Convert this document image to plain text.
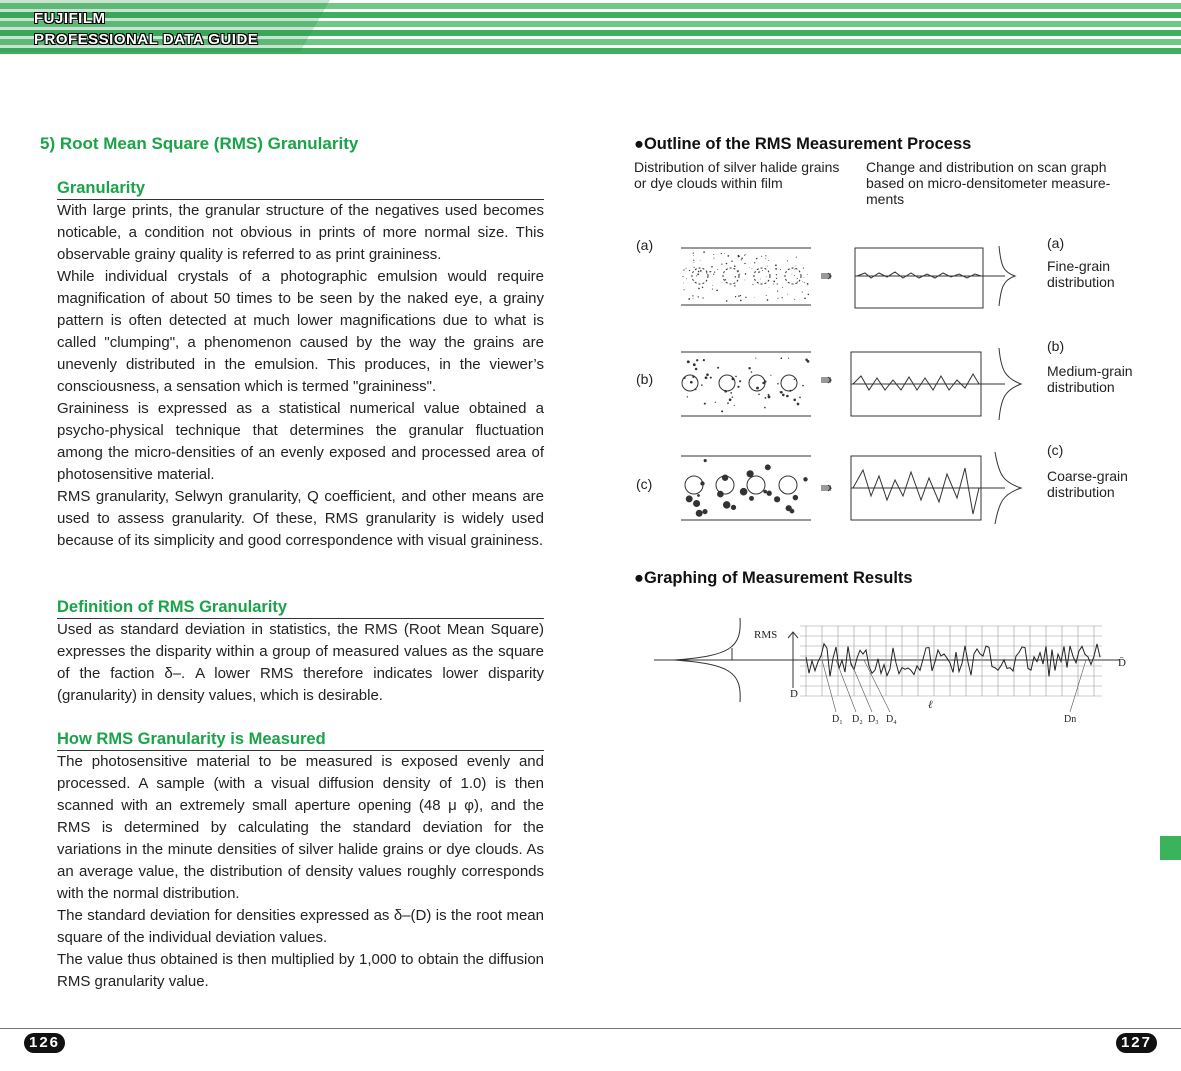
FUJIFILM
PROFESSIONAL DATA GUIDE
5) Root Mean Square (RMS) Granularity
Granularity

With large prints, the granular structure of the negatives used becomes noticable, a condition not obvious in prints of more normal size. This observable grainy quality is referred to as print graininess.

While individual crystals of a photographic emulsion would require magnification of about 50 times to be seen by the naked eye, a grainy pattern is often detected at much lower magnifications due to what is called "clumping", a phenomenon caused by the way the grains are unevenly distributed in the emulsion. This produces, in the viewer’s consciousness, a sensation which is termed "graininess".

Graininess is expressed as a statistical numerical value obtained a psycho-physical technique that determines the granular fluctuation among the micro-densities of an evenly exposed and processed area of photosensitive material.

RMS granularity, Selwyn granularity, Q coefficient, and other means are used to assess granularity. Of these, RMS granularity is widely used because of its simplicity and good correspondence with visual graininess.

Definition of RMS Granularity

Used as standard deviation in statistics, the RMS (Root Mean Square) expresses the disparity within a group of measured values as the square of the faction δ–. A lower RMS therefore indicates lower disparity (granularity) in density values, which is desirable.

How RMS Granularity is Measured

The photosensitive material to be measured is exposed evenly and processed. A sample (with a visual diffusion density of 1.0) is then scanned with an extremely small aperture opening (48 μ φ), and the RMS is determined by calculating the standard deviation for the variations in the minute densities of silver halide grains or dye clouds. As an average value, the distribution of density values roughly corresponds with the normal distribution.

The standard deviation for densities expressed as δ–(D) is the root mean square of the individual deviation values.

The value thus obtained is then multiplied by 1,000 to obtain the diffusion RMS granularity value.

●Outline of the RMS Measurement Process
Distribution of silver halide grains or dye clouds within film
Change and distribution on scan graph based on micro-densitometer measure-ments
(a)
(b)
(c)
(a)
Fine-grain distribution
(b)
Medium-grain distribution
(c)
Coarse-grain distribution
●Graphing of Measurement Results
RMS
D
D̄
ℓ
D₁ D₂ D₃ D₄	Dn
126	127
